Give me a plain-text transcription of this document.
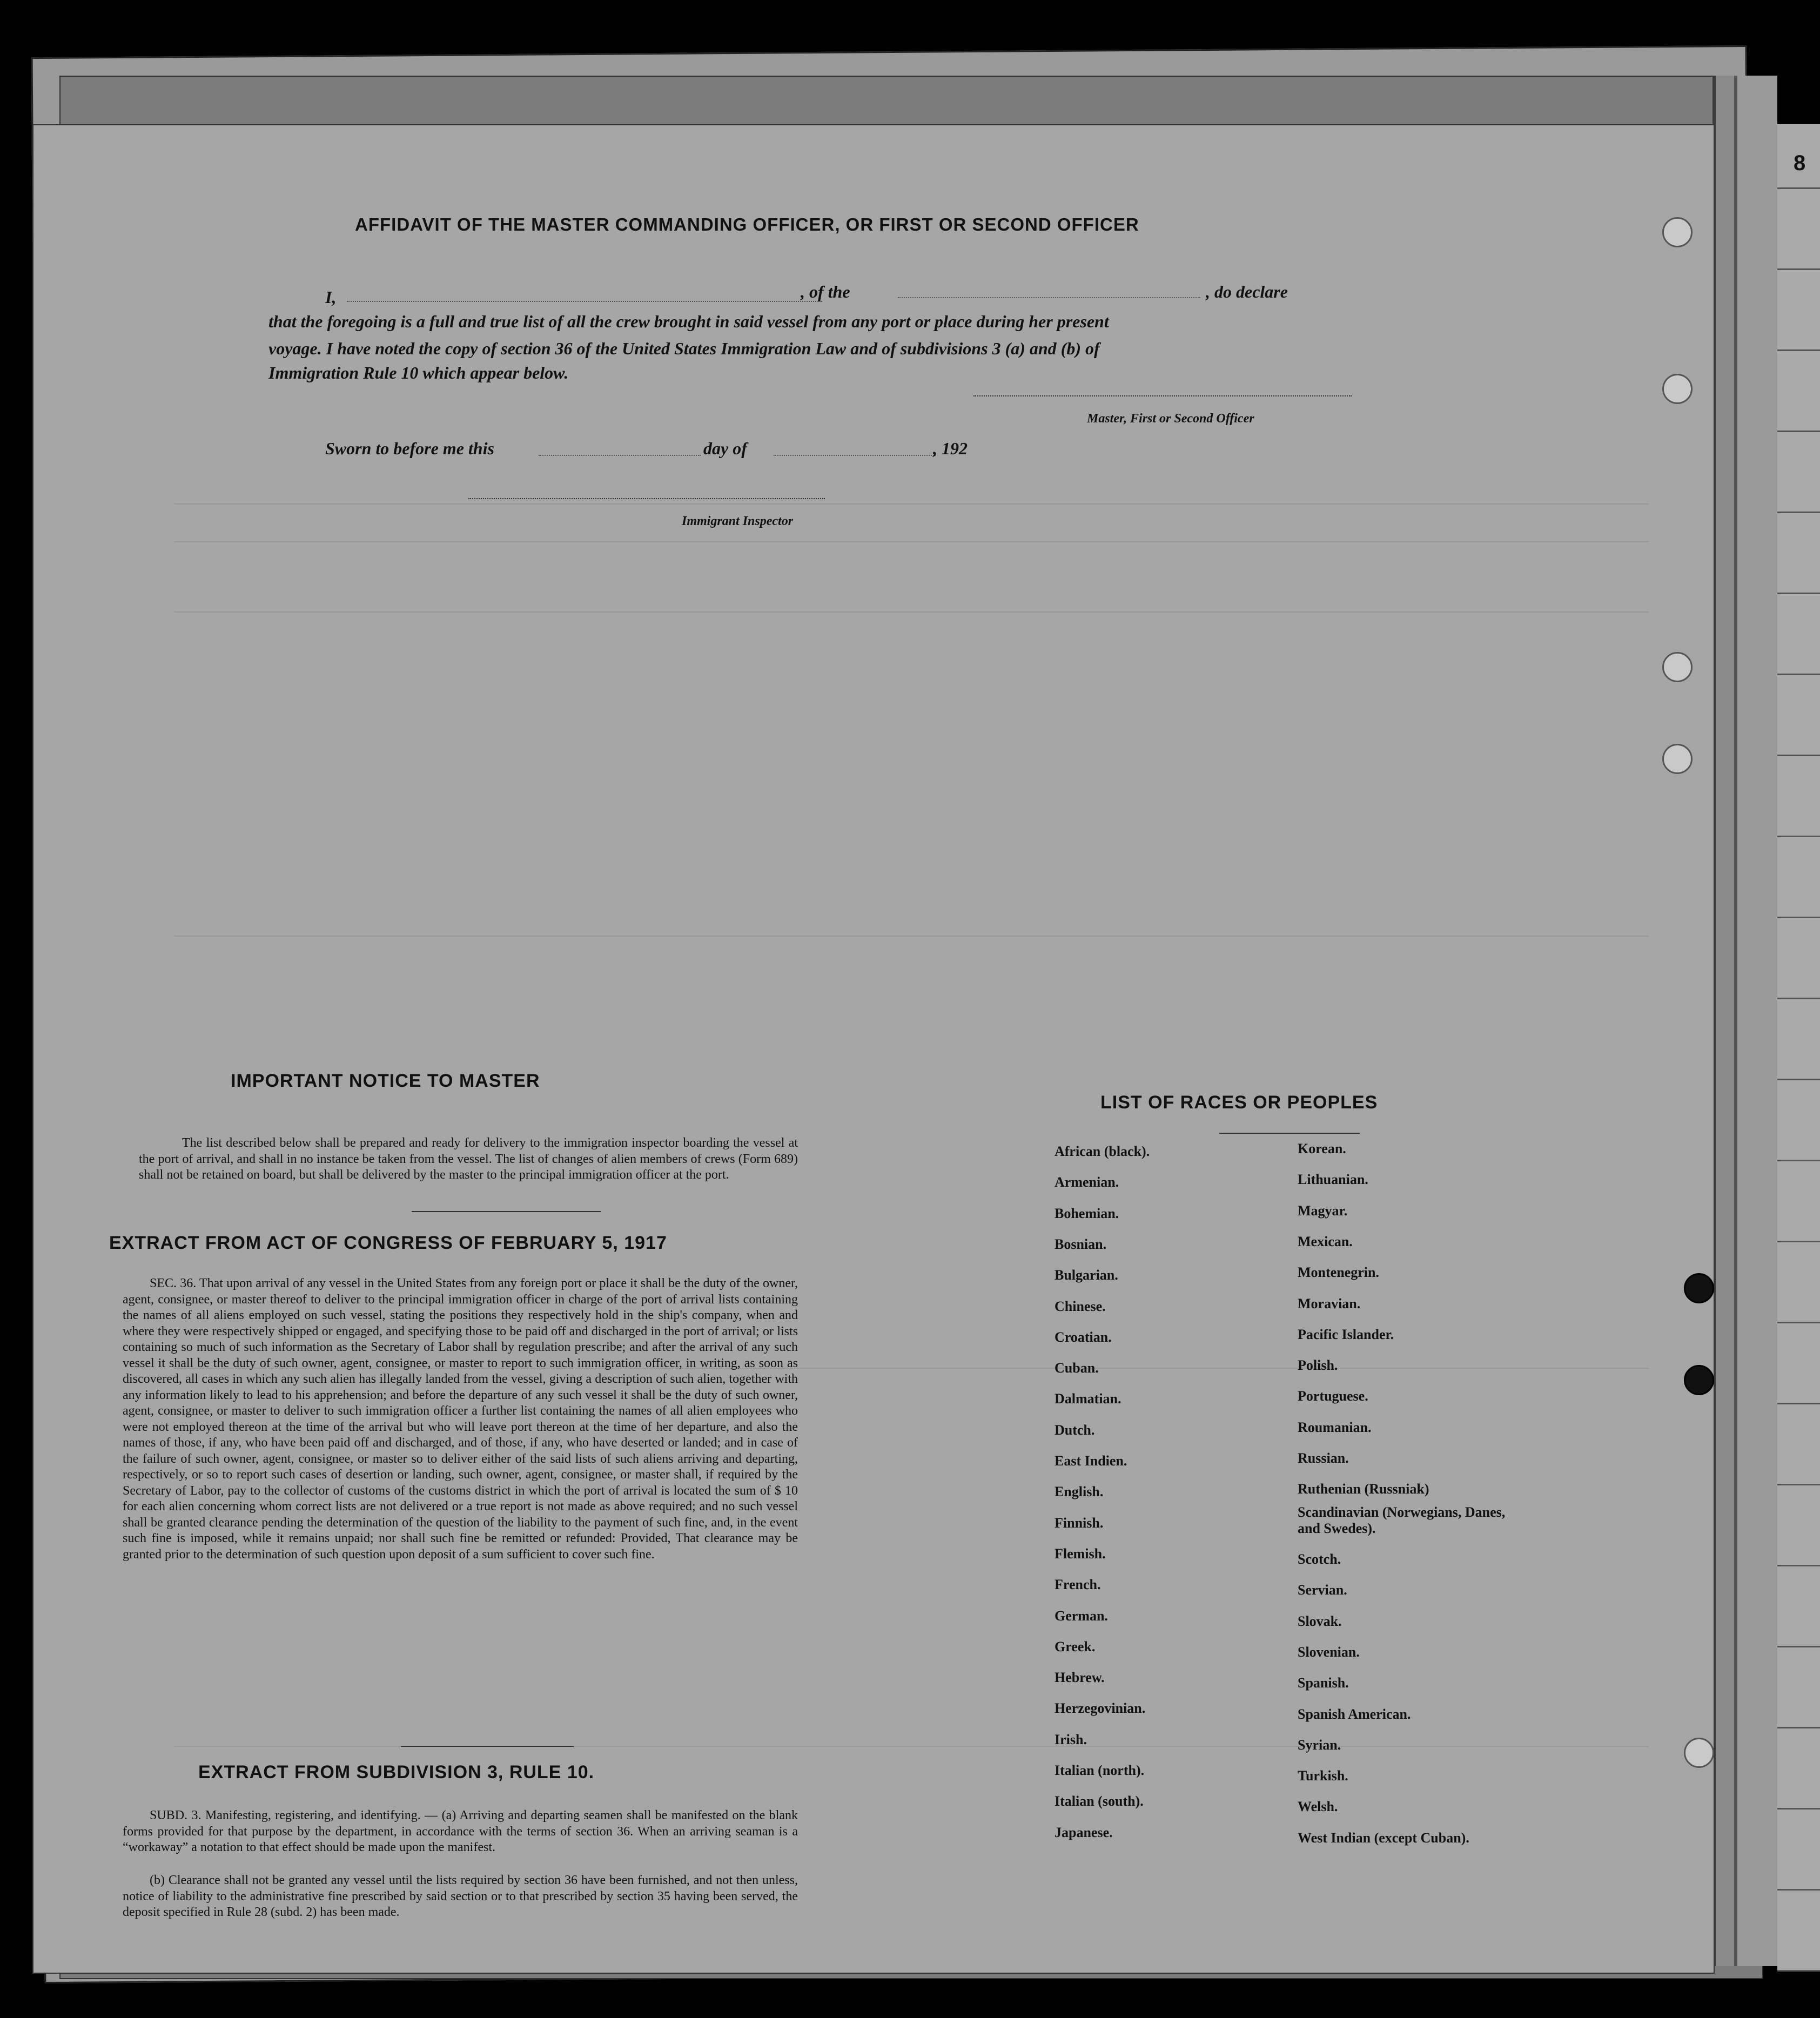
8
AFFIDAVIT OF THE MASTER COMMANDING OFFICER, OR FIRST OR SECOND OFFICER
I,	, of the	, do declare
that the foregoing is a full and true list of all the crew brought in said vessel from any port or place during her present
voyage. I have noted the copy of section 36 of the United States Immigration Law and of subdivisions 3 (a) and (b) of
Immigration Rule 10 which appear below.
Master, First or Second Officer
Sworn to before me this	day of	, 192
Immigrant Inspector
IMPORTANT NOTICE TO MASTER
The list described below shall be prepared and ready for delivery to the immigration inspector boarding the vessel at the port of arrival, and shall in no instance be taken from the vessel. The list of changes of alien members of crews (Form 689) shall not be retained on board, but shall be delivered by the master to the principal immigration officer at the port.
EXTRACT FROM ACT OF CONGRESS OF FEBRUARY 5, 1917
SEC. 36. That upon arrival of any vessel in the United States from any foreign port or place it shall be the duty of the owner, agent, consignee, or master thereof to deliver to the principal immigration officer in charge of the port of arrival lists containing the names of all aliens employed on such vessel, stating the positions they respectively hold in the ship's company, when and where they were respectively shipped or engaged, and specifying those to be paid off and discharged in the port of arrival; or lists containing so much of such information as the Secretary of Labor shall by regulation prescribe; and after the arrival of any such vessel it shall be the duty of such owner, agent, consignee, or master to report to such immigration officer, in writing, as soon as discovered, all cases in which any such alien has illegally landed from the vessel, giving a description of such alien, together with any information likely to lead to his apprehension; and before the departure of any such vessel it shall be the duty of such owner, agent, consignee, or master to deliver to such immigration officer a further list containing the names of all alien employees who were not employed thereon at the time of the arrival but who will leave port thereon at the time of her departure, and also the names of those, if any, who have been paid off and discharged, and of those, if any, who have deserted or landed; and in case of the failure of such owner, agent, consignee, or master so to deliver either of the said lists of such aliens arriving and departing, respectively, or so to report such cases of desertion or landing, such owner, agent, consignee, or master shall, if required by the Secretary of Labor, pay to the collector of customs of the customs district in which the port of arrival is located the sum of $ 10 for each alien concerning whom correct lists are not delivered or a true report is not made as above required; and no such vessel shall be granted clearance pending the determination of the question of the liability to the payment of such fine, and, in the event such fine is imposed, while it remains unpaid; nor shall such fine be remitted or refunded: Provided, That clearance may be granted prior to the determination of such question upon deposit of a sum sufficient to cover such fine.
EXTRACT FROM SUBDIVISION 3, RULE 10.
SUBD. 3. Manifesting, registering, and identifying. — (a) Arriving and departing seamen shall be manifested on the blank forms provided for that purpose by the department, in accordance with the terms of section 36. When an arriving seaman is a “workaway” a notation to that effect should be made upon the manifest.
(b) Clearance shall not be granted any vessel until the lists required by section 36 have been furnished, and not then unless, notice of liability to the administrative fine prescribed by said section or to that prescribed by section 35 having been served, the deposit specified in Rule 28 (subd. 2) has been made.
LIST OF RACES OR PEOPLES
African (black).
Armenian.
Bohemian.
Bosnian.
Bulgarian.
Chinese.
Croatian.
Cuban.
Dalmatian.
Dutch.
East Indien.
English.
Finnish.
Flemish.
French.
German.
Greek.
Hebrew.
Herzegovinian.
Irish.
Italian (north).
Italian (south).
Japanese.
Korean.
Lithuanian.
Magyar.
Mexican.
Montenegrin.
Moravian.
Pacific Islander.
Polish.
Portuguese.
Roumanian.
Russian.
Ruthenian (Russniak)
Scandinavian (Norwegians, Danes, and Swedes).
Scotch.
Servian.
Slovak.
Slovenian.
Spanish.
Spanish American.
Syrian.
Turkish.
Welsh.
West Indian (except Cuban).
